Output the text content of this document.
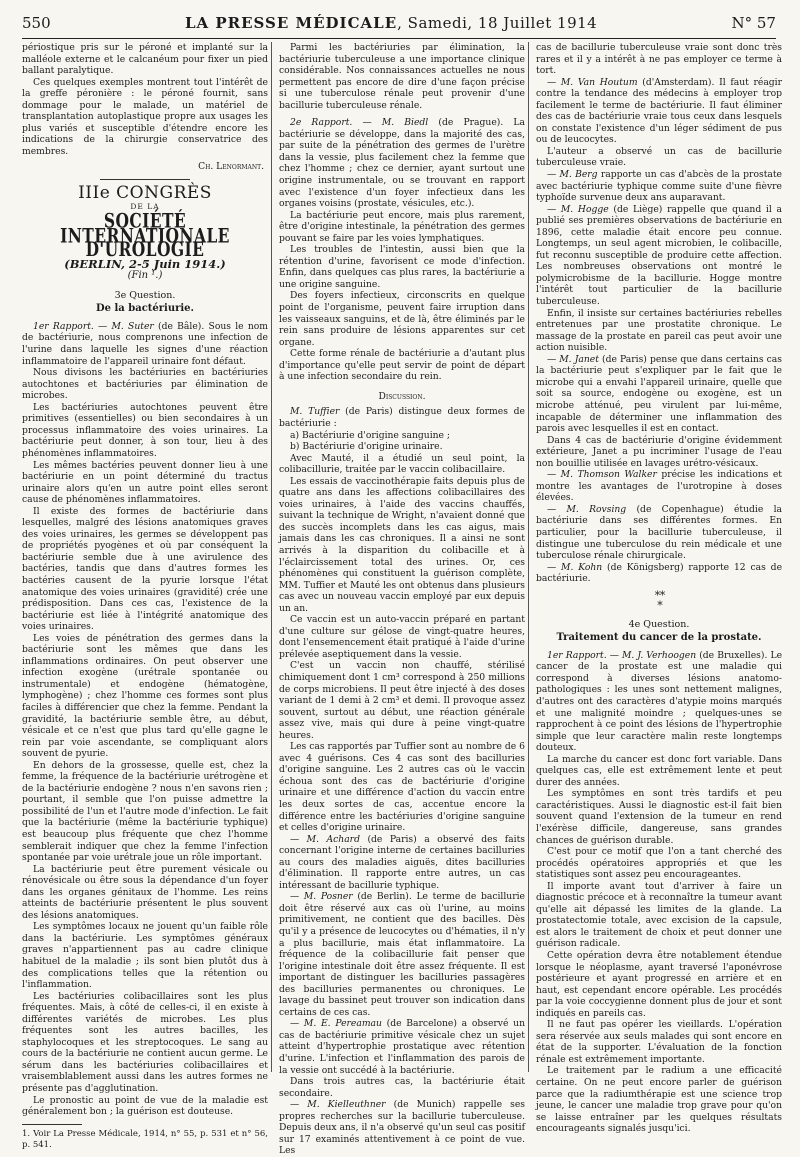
550	LA PRESSE MÉDICALE, Samedi, 18 Juillet 1914	N° 57

périostique pris sur le péroné et implanté sur la malléole externe et le calcanéum pour fixer un pied ballant paralytique.

Ces quelques exemples montrent tout l'intérêt de la greffe péronière : le péroné fournit, sans dommage pour le malade, un matériel de transplantation autoplastique propre aux usages les plus variés et susceptible d'étendre encore les indications de la chirurgie conservatrice des membres.

Ch. Lenormant.
IIIe CONGRÈS
DE LA
SOCIÉTÉ INTERNATIONALE D'UROLOGIE
(BERLIN, 2-5 Juin 1914.)
(Fin ¹.)
3e Question.
De la bactériurie.

1er Rapport. — M. Suter (de Bâle). Sous le nom de bactériurie, nous comprenons une infection de l'urine dans laquelle les signes d'une réaction inflammatoire de l'appareil urinaire font défaut.

Nous divisons les bactériuries en bactériuries autochtones et bactériuries par élimination de microbes.

Les bactériuries autochtones peuvent être primitives (essentielles) ou bien secondaires à un processus inflammatoire des voies urinaires. La bactériurie peut donner, à son tour, lieu à des phénomènes inflammatoires.

Les mêmes bactéries peuvent donner lieu à une bactériurie en un point déterminé du tractus urinaire alors qu'en un autre point elles seront cause de phénomènes inflammatoires.

Il existe des formes de bactériurie dans lesquelles, malgré des lésions anatomiques graves des voies urinaires, les germes se développent pas de propriétés pyogènes et où par conséquent la bactériurie semble due à une avirulence des bactéries, tandis que dans d'autres formes les bactéries causent de la pyurie lorsque l'état anatomique des voies urinaires (gravidité) crée une prédisposition. Dans ces cas, l'existence de la bactériurie est liée à l'intégrité anatomique des voies urinaires.

Les voies de pénétration des germes dans la bactériurie sont les mêmes que dans les inflammations ordinaires. On peut observer une infection exogène (urétrale spontanée ou instrumentale) et endogène (hématogène, lymphogène) ; chez l'homme ces formes sont plus faciles à différencier que chez la femme. Pendant la gravidité, la bactériurie semble être, au début, vésicale et ce n'est que plus tard qu'elle gagne le rein par voie ascendante, se compliquant alors souvent de pyurie.

En dehors de la grossesse, quelle est, chez la femme, la fréquence de la bactériurie urétrogène et de la bactériurie endogène ? nous n'en savons rien ; pourtant, il semble que l'on puisse admettre la possibilité de l'un et l'autre mode d'infection. Le fait que la bactériurie (même la bactériurie typhique) est beaucoup plus fréquente que chez l'homme semblerait indiquer que chez la femme l'infection spontanée par voie urétrale joue un rôle important.

La bactériurie peut être purement vésicale ou rénovésicale ou être sous la dépendance d'un foyer dans les organes génitaux de l'homme. Les reins atteints de bactériurie présentent le plus souvent des lésions anatomiques.

Les symptômes locaux ne jouent qu'un faible rôle dans la bactériurie. Les symptômes généraux graves n'appartiennent pas au cadre clinique habituel de la maladie ; ils sont bien plutôt dus à des complications telles que la rétention ou l'inflammation.

Les bactériuries colibacillaires sont les plus fréquentes. Mais, à côté de celles-ci, il en existe à différentes variétés de microbes. Les plus fréquentes sont les autres bacilles, les staphylocoques et les streptocoques. Le sang au cours de la bactériurie ne contient aucun germe. Le sérum dans les bactériuries colibacillaires et vraisemblablement aussi dans les autres formes ne présente pas d'agglutination.

Le pronostic au point de vue de la maladie est généralement bon ; la guérison est douteuse.

1. Voir La Presse Médicale, 1914, n° 55, p. 531 et n° 56, p. 541.

Parmi les bactériuries par élimination, la bactériurie tuberculeuse a une importance clinique considérable. Nos connaissances actuelles ne nous permettent pas encore de dire d'une façon précise si une tuberculose rénale peut provenir d'une bacillurie tuberculeuse rénale.

2e Rapport. — M. Biedl (de Prague). La bactériurie se développe, dans la majorité des cas, par suite de la pénétration des germes de l'urètre dans la vessie, plus facilement chez la femme que chez l'homme ; chez ce dernier, ayant surtout une origine instrumentale, ou se trouvant en rapport avec l'existence d'un foyer infectieux dans les organes voisins (prostate, vésicules, etc.).

La bactériurie peut encore, mais plus rarement, être d'origine intestinale, la pénétration des germes pouvant se faire par les voies lymphatiques.

Les troubles de l'intestin, aussi bien que la rétention d'urine, favorisent ce mode d'infection. Enfin, dans quelques cas plus rares, la bactériurie a une origine sanguine.

Des foyers infectieux, circonscrits en quelque point de l'organisme, peuvent faire irruption dans les vaisseaux sanguins, et de là, être éliminés par le rein sans produire de lésions apparentes sur cet organe.

Cette forme rénale de bactériurie a d'autant plus d'importance qu'elle peut servir de point de départ à une infection secondaire du rein.

Discussion.

M. Tuffier (de Paris) distingue deux formes de bactériurie :

a) Bactériurie d'origine sanguine ;

b) Bactériurie d'origine urinaire.

Avec Mauté, il a étudié un seul point, la colibacillurie, traitée par le vaccin colibacillaire.

Les essais de vaccinothérapie faits depuis plus de quatre ans dans les affections colibacillaires des voies urinaires, à l'aide des vaccins chauffés, suivant la technique de Wright, n'avaient donné que des succès incomplets dans les cas aigus, mais jamais dans les cas chroniques. Il a ainsi ne sont arrivés à la disparition du colibacille et à l'éclaircissement total des urines. Or, ces phénomènes qui constituent la guérison complète, MM. Tuffier et Mauté les ont obtenus dans plusieurs cas avec un nouveau vaccin employé par eux depuis un an.

Ce vaccin est un auto-vaccin préparé en partant d'une culture sur gélose de vingt-quatre heures, dont l'ensemencement était pratiqué à l'aide d'urine prélevée aseptiquement dans la vessie.

C'est un vaccin non chauffé, stérilisé chimiquement dont 1 cm³ correspond à 250 millions de corps microbiens. Il peut être injecté à des doses variant de 1 demi à 2 cm³ et demi. Il provoque assez souvent, surtout au début, une réaction générale assez vive, mais qui dure à peine vingt-quatre heures.

Les cas rapportés par Tuffier sont au nombre de 6 avec 4 guérisons. Ces 4 cas sont des bacilluries d'origine sanguine. Les 2 autres cas où le vaccin échoua sont des cas de bactériurie d'origine urinaire et une différence d'action du vaccin entre les deux sortes de cas, accentue encore la différence entre les bactériuries d'origine sanguine et celles d'origine urinaire.

— M. Achard (de Paris) a observé des faits concernant l'origine interne de certaines bacilluries au cours des maladies aiguës, dites bacilluries d'élimination. Il rapporte entre autres, un cas intéressant de bacillurie typhique.

— M. Posner (de Berlin). Le terme de bacillurie doit être réservé aux cas où l'urine, au moins primitivement, ne contient que des bacilles. Dès qu'il y a présence de leucocytes ou d'hématies, il n'y a plus bacillurie, mais état inflammatoire. La fréquence de la colibacillurie fait penser que l'origine intestinale doit être assez fréquente. Il est important de distinguer les bacilluries passagères des bacilluries permanentes ou chroniques. Le lavage du bassinet peut trouver son indication dans certains de ces cas.

— M. E. Pereamau (de Barcelone) a observé un cas de bactériurie primitive vésicale chez un sujet atteint d'hypertrophie prostatique avec rétention d'urine. L'infection et l'inflammation des parois de la vessie ont succédé à la bactériurie.

Dans trois autres cas, la bactériurie était secondaire.

— M. Kielleuthner (de Munich) rappelle ses propres recherches sur la bacillurie tuberculeuse. Depuis deux ans, il n'a observé qu'un seul cas positif sur 17 examinés attentivement à ce point de vue. Les

cas de bacillurie tuberculeuse vraie sont donc très rares et il y a intérêt à ne pas employer ce terme à tort.

— M. Van Houtum (d'Amsterdam). Il faut réagir contre la tendance des médecins à employer trop facilement le terme de bactériurie. Il faut éliminer des cas de bactériurie vraie tous ceux dans lesquels on constate l'existence d'un léger sédiment de pus ou de leucocytes.

L'auteur a observé un cas de bacillurie tuberculeuse vraie.

— M. Berg rapporte un cas d'abcès de la prostate avec bactériurie typhique comme suite d'une fièvre typhoïde survenue deux ans auparavant.

— M. Hogge (de Liège) rappelle que quand il a publié ses premières observations de bactériurie en 1896, cette maladie était encore peu connue. Longtemps, un seul agent microbien, le colibacille, fut reconnu susceptible de produire cette affection. Les nombreuses observations ont montré le polymicrobisme de la bacillurie. Hogge montre l'intérêt tout particulier de la bacillurie tuberculeuse.

Enfin, il insiste sur certaines bactériuries rebelles entretenues par une prostatite chronique. Le massage de la prostate en pareil cas peut avoir une action nuisible.

— M. Janet (de Paris) pense que dans certains cas la bactériurie peut s'expliquer par le fait que le microbe qui a envahi l'appareil urinaire, quelle que soit sa source, endogène ou exogène, est un microbe atténué, peu virulent par lui-même, incapable de déterminer une inflammation des parois avec lesquelles il est en contact.

Dans 4 cas de bactériurie d'origine évidemment extérieure, Janet a pu incriminer l'usage de l'eau non bouillie utilisée en lavages urétro-vésicaux.

— M. Thomson Walker précise les indications et montre les avantages de l'urotropine à doses élevées.

— M. Rovsing (de Copenhague) étudie la bactériurie dans ses différentes formes. En particulier, pour la bacillurie tuberculeuse, il distingue une tuberculose du rein médicale et une tuberculose rénale chirurgicale.

— M. Kohn (de Königsberg) rapporte 12 cas de bactériurie.

* *
*
4e Question.
Traitement du cancer de la prostate.

1er Rapport. — M. J. Verhoogen (de Bruxelles). Le cancer de la prostate est une maladie qui correspond à diverses lésions anatomo-pathologiques : les unes sont nettement malignes, d'autres ont des caractères d'atypie moins marqués et une malignité moindre ; quelques-unes se rapprochent à ce point des lésions de l'hypertrophie simple que leur caractère malin reste longtemps douteux.

La marche du cancer est donc fort variable. Dans quelques cas, elle est extrêmement lente et peut durer des années.

Les symptômes en sont très tardifs et peu caractéristiques. Aussi le diagnostic est-il fait bien souvent quand l'extension de la tumeur en rend l'exérèse difficile, dangereuse, sans grandes chances de guérison durable.

C'est pour ce motif que l'on a tant cherché des procédés opératoires appropriés et que les statistiques sont assez peu encourageantes.

Il importe avant tout d'arriver à faire un diagnostic précoce et à reconnaître la tumeur avant qu'elle ait dépassé les limites de la glande. La prostatectomie totale, avec excision de la capsule, est alors le traitement de choix et peut donner une guérison radicale.

Cette opération devra être notablement étendue lorsque le néoplasme, ayant traversé l'aponévrose postérieure et ayant progressé en arrière et en haut, est cependant encore opérable. Les procédés par la voie coccygienne donnent plus de jour et sont indiqués en pareils cas.

Il ne faut pas opérer les vieillards. L'opération sera réservée aux seuls malades qui sont encore en état de la supporter. L'évaluation de la fonction rénale est extrêmement importante.

Le traitement par le radium a une efficacité certaine. On ne peut encore parler de guérison parce que la radiumthérapie est une science trop jeune, le cancer une maladie trop grave pour qu'on se laisse entraîner par les quelques résultats encourageants signalés jusqu'ici.
